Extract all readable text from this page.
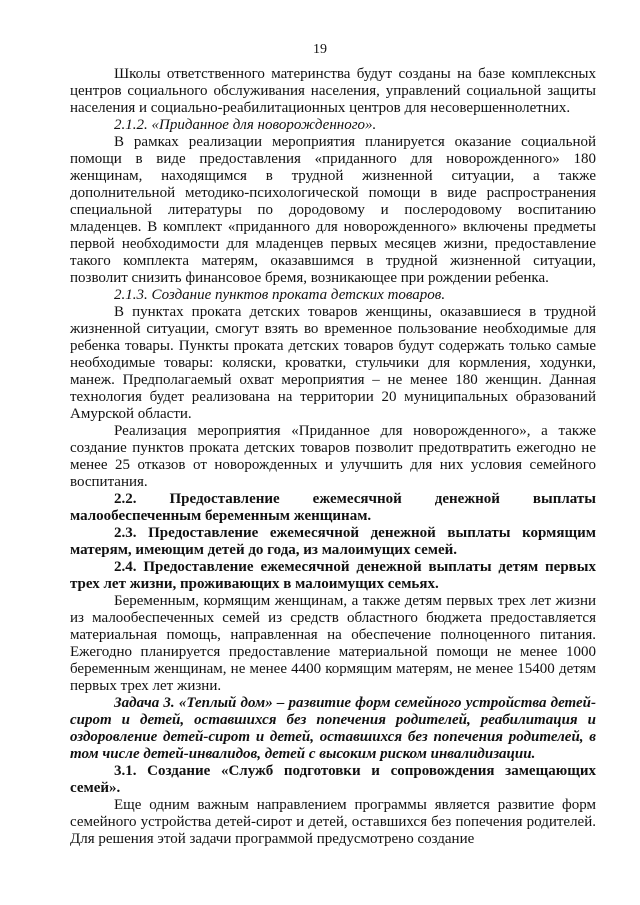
19

Школы ответственного материнства будут созданы на базе комплексных центров социального обслуживания населения, управлений социальной защиты населения и социально-реабилитационных центров для несовершеннолетних.

2.1.2. «Приданное для новорожденного».

В рамках реализации мероприятия планируется оказание социальной помощи в виде предоставления «приданного для новорожденного» 180 женщинам, находящимся в трудной жизненной ситуации, а также дополнительной методико-психологической помощи в виде распространения специальной литературы по дородовому и послеродовому воспитанию младенцев. В комплект «приданного для новорожденного» включены предметы первой необходимости для младенцев первых месяцев жизни, предоставление такого комплекта матерям, оказавшимся в трудной жизненной ситуации, позволит снизить финансовое бремя, возникающее при рождении ребенка.

2.1.3. Создание пунктов проката детских товаров.

В пунктах проката детских товаров женщины, оказавшиеся в трудной жизненной ситуации, смогут взять во временное пользование необходимые для ребенка товары. Пункты проката детских товаров будут содержать только самые необходимые товары: коляски, кроватки, стульчики для кормления, ходунки, манеж. Предполагаемый охват мероприятия – не менее 180 женщин. Данная технология будет реализована на территории 20 муниципальных образований Амурской области.

Реализация мероприятия «Приданное для новорожденного», а также создание пунктов проката детских товаров позволит предотвратить ежегодно не менее 25 отказов от новорожденных и улучшить для них условия семейного воспитания.

2.2. Предоставление ежемесячной денежной выплаты малообеспеченным беременным женщинам.

2.3. Предоставление ежемесячной денежной выплаты кормящим матерям, имеющим детей до года, из малоимущих семей.

2.4. Предоставление ежемесячной денежной выплаты детям первых трех лет жизни, проживающих в малоимущих семьях.

Беременным, кормящим женщинам, а также детям первых трех лет жизни из малообеспеченных семей из средств областного бюджета предоставляется материальная помощь, направленная на обеспечение полноценного питания. Ежегодно планируется предоставление материальной помощи не менее 1000 беременным женщинам, не менее 4400 кормящим матерям, не менее 15400 детям первых трех лет жизни.

Задача 3. «Теплый дом» – развитие форм семейного устройства детей-сирот и детей, оставшихся без попечения родителей, реабилитация и оздоровление детей-сирот и детей, оставшихся без попечения родителей, в том числе детей-инвалидов, детей с высоким риском инвалидизации.

3.1. Создание «Служб подготовки и сопровождения замещающих семей».

Еще одним важным направлением программы является развитие форм семейного устройства детей-сирот и детей, оставшихся без попечения родителей. Для решения этой задачи программой предусмотрено создание
